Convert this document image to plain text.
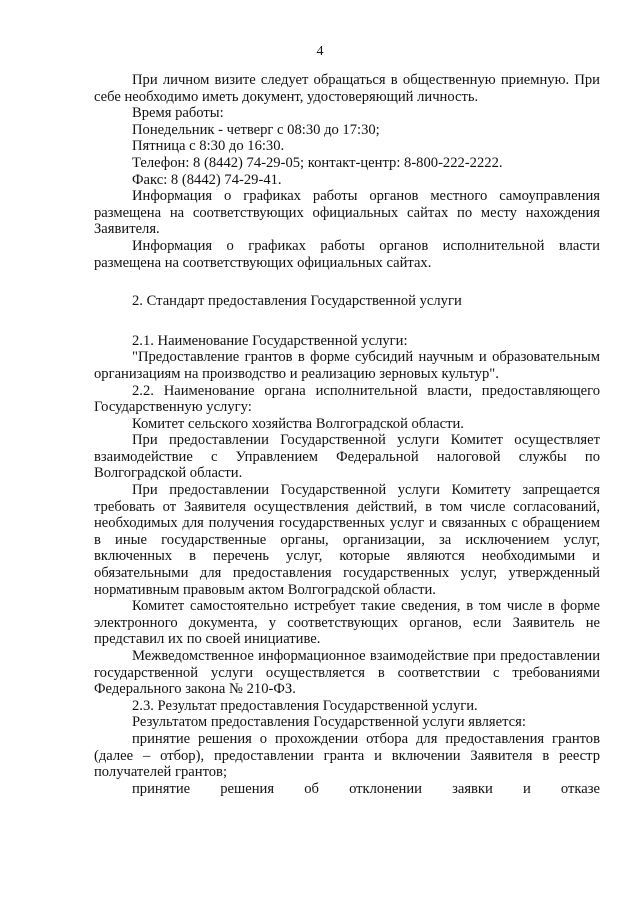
4

При личном визите следует обращаться в общественную приемную. При себе необходимо иметь документ, удостоверяющий личность.

Время работы:

Понедельник - четверг с 08:30 до 17:30;

Пятница с 8:30 до 16:30.

Телефон: 8 (8442) 74-29-05; контакт-центр: 8-800-222-2222.

Факс: 8 (8442) 74-29-41.

Информация о графиках работы органов местного самоуправления размещена на соответствующих официальных сайтах по месту нахождения Заявителя.

Информация о графиках работы органов исполнительной власти размещена на соответствующих официальных сайтах.

2. Стандарт предоставления Государственной услуги

2.1. Наименование Государственной услуги:

"Предоставление грантов в форме субсидий научным и образовательным организациям на производство и реализацию зерновых культур".

2.2. Наименование органа исполнительной власти, предоставляющего Государственную услугу:

Комитет сельского хозяйства Волгоградской области.

При предоставлении Государственной услуги Комитет осуществляет взаимодействие с Управлением Федеральной налоговой службы по Волгоградской области.

При предоставлении Государственной услуги Комитету запрещается требовать от Заявителя осуществления действий, в том числе согласований, необходимых для получения государственных услуг и связанных с обращением в иные государственные органы, организации, за исключением услуг, включенных в перечень услуг, которые являются необходимыми и обязательными для предоставления государственных услуг, утвержденный нормативным правовым актом Волгоградской области.

Комитет самостоятельно истребует такие сведения, в том числе в форме электронного документа, у соответствующих органов, если Заявитель не представил их по своей инициативе.

Межведомственное информационное взаимодействие при предоставлении государственной услуги осуществляется в соответствии с требованиями Федерального закона № 210-ФЗ.

2.3. Результат предоставления Государственной услуги.

Результатом предоставления Государственной услуги является:

принятие решения о прохождении отбора для предоставления грантов (далее – отбор), предоставлении гранта и включении Заявителя в реестр получателей грантов;

принятие решения об отклонении заявки и отказе
